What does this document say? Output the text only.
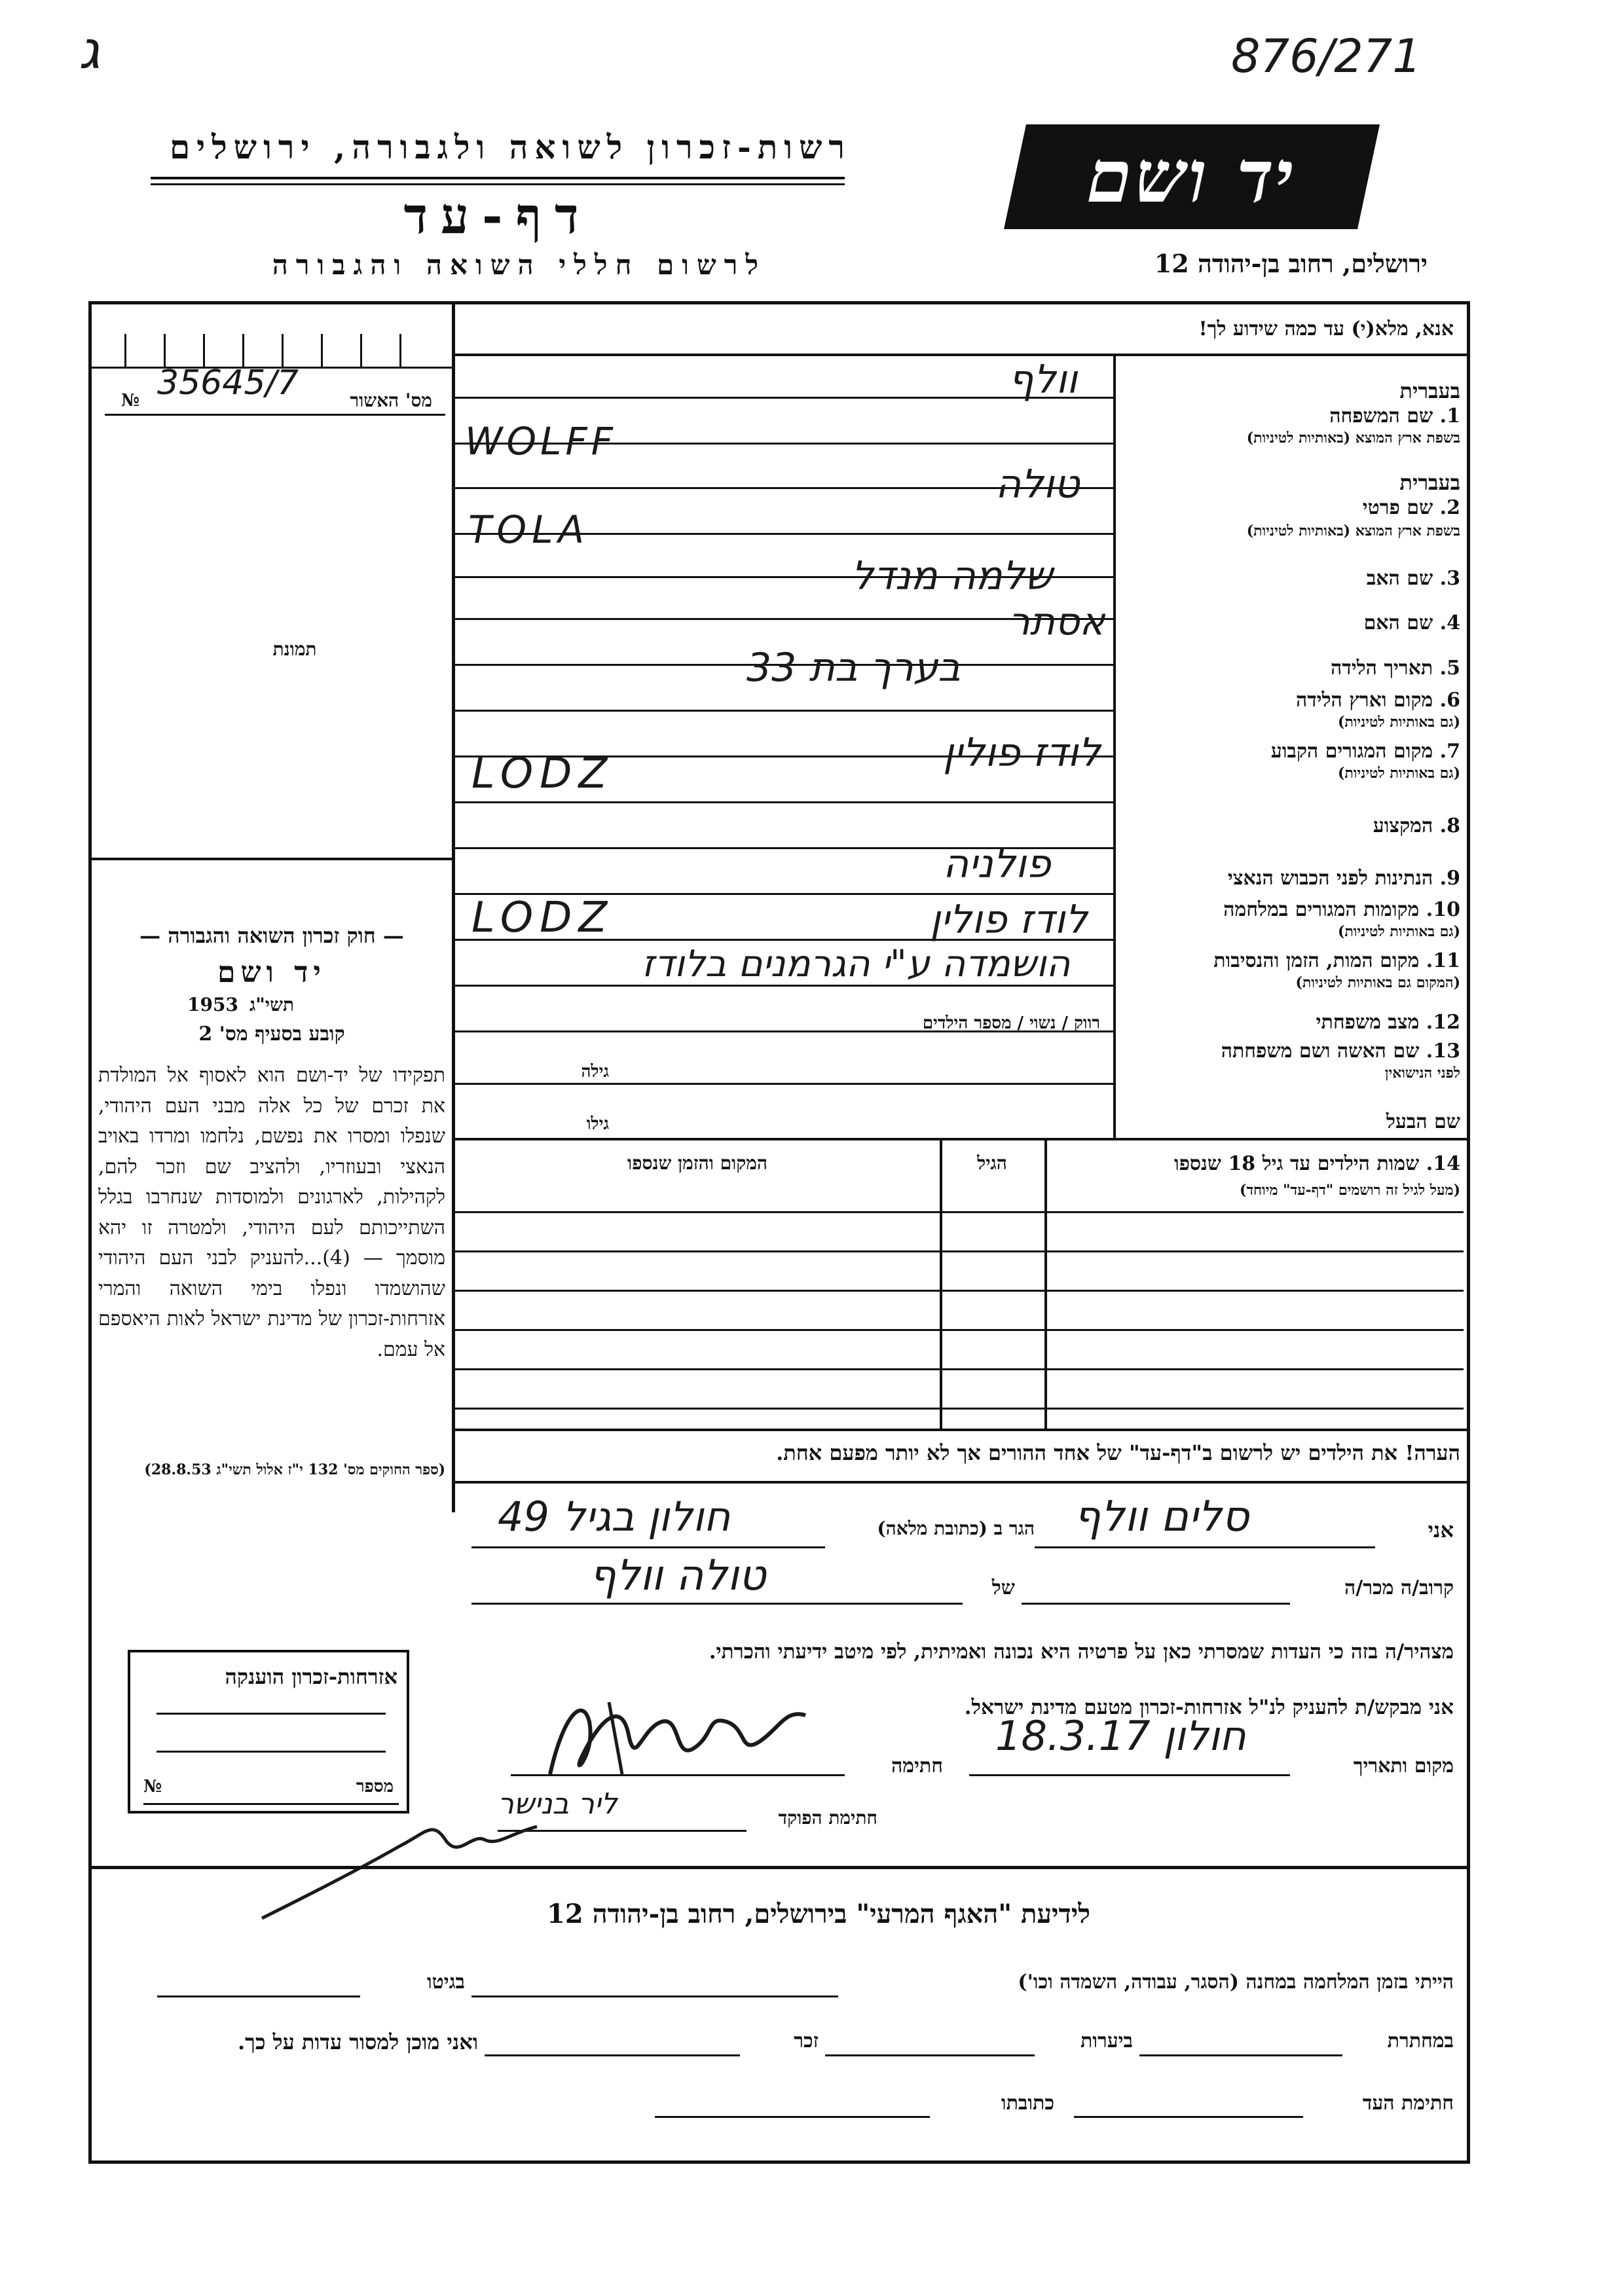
ג	876/271
רשות-זכרון לשואה ולגבורה, ירושלים
דף-עד
לרשום חללי השואה והגבורה
יד ושם
ירושלים, רחוב בן-יהודה 12
35645/7	מס' האשור
№
תמונת
— חוק זכרון השואה והגבורה —
יד ושם
תשי"ג
1953
קובע בסעיף מס' 2
תפקידו של יד-ושם הוא לאסוף אל המולדת את זכרם של כל אלה מבני העם היהודי, שנפלו ומסרו את נפשם, נלחמו ומרדו באויב הנאצי ובעוזריו, ולהציב שם וזכר להם, לקהילות, לארגונים ולמוסדות שנחרבו בגלל השתייכותם לעם היהודי, ולמטרה זו יהא מוסמך — (4)...להעניק לבני העם היהודי שהושמדו ונפלו בימי השואה והמרי אזרחות-זכרון של מדינת ישראל לאות היאספם אל עמם.
(ספר החוקים מס' 132 י"ז אלול תשי"ג 28.8.53)
אנא, מלא(י) עד כמה שידוע לך!
בעברית
1. שם המשפחה
בשפת ארץ המוצא (באותיות לטיניות)
בעברית
2. שם פרטי
בשפת ארץ המוצא (באותיות לטיניות)
3. שם האב
4. שם האם
5. תאריך הלידה
6. מקום וארץ הלידה
(גם באותיות לטיניות)
7. מקום המגורים הקבוע
(גם באותיות לטיניות)
8. המקצוע
9. הנתינות לפני הכבוש הנאצי
10. מקומות המגורים במלחמה
(גם באותיות לטיניות)
11. מקום המות, הזמן והנסיבות
(המקום גם באותיות לטיניות)
12. מצב משפחתי
13. שם האשה ושם משפחתה
לפני הנישואין
שם הבעל
רווק / נשוי / מספר הילדים
גילה
גילו
וולף
WOLFF
טולה
TOLA
שלמה מנדל
אסתר
בערך בת 33
לודז פולין
LODZ
פולניה
לודז פולין
LODZ
הושמדה ע"י הגרמנים בלודז
14. שמות הילדים עד גיל 18 שנספו
(מעל לגיל זה רושמים "דף-עד" מיוחד)
הגיל
המקום והזמן שנספו
הערה! את הילדים יש לרשום ב"דף-עד" של אחד ההורים אך לא יותר מפעם אחת.
אני
סלים וולף
הגר ב (כתובת מלאה)
חולון בגיל 49
קרוב/ה מכר/ה
של
טולה וולף
מצהיר/ה בזה כי העדות שמסרתי כאן על פרטיה היא נכונה ואמיתית, לפי מיטב ידיעתי והכרתי.
אני מבקש/ת להעניק לנ"ל אזרחות-זכרון מטעם מדינת ישראל.
מקום ותאריך
חולון 18.3.17
חתימה
חתימת הפוקד
ליר בנישר
אזרחות-זכרון הוענקה
מספר
№
לידיעת "האגף המרעי" בירושלים, רחוב בן-יהודה 12
הייתי בזמן המלחמה במחנה (הסגר, עבודה, השמדה וכו')
בגיטו
במחתרת
ביערות
זכר
ואני מוכן למסור עדות על כך.
חתימת העד
כתובתו
